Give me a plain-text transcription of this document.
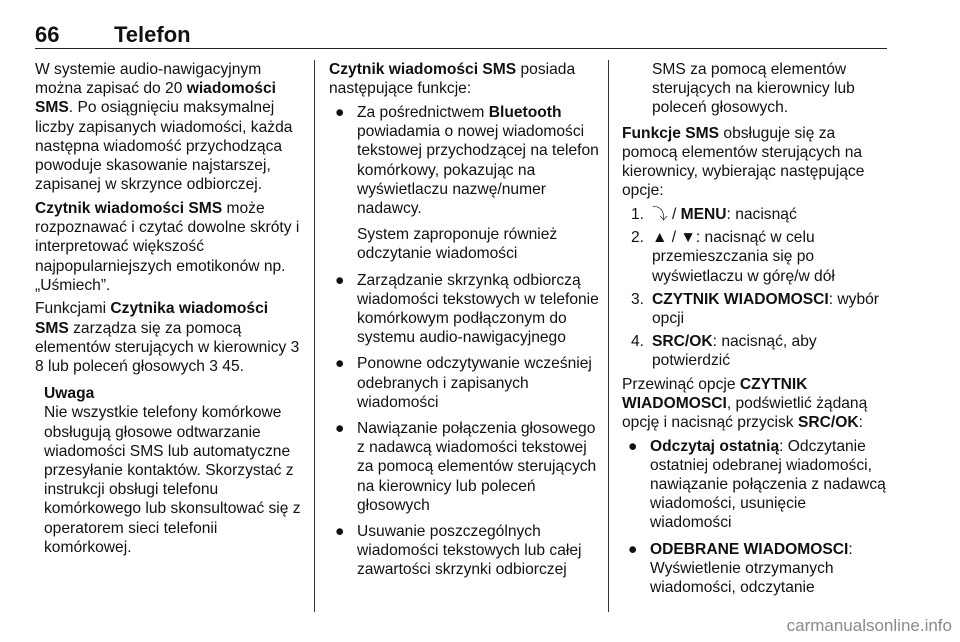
66 Telefon

W systemie audio-nawigacyjnym można zapisać do 20 wiadomości SMS. Po osiągnięciu maksymalnej liczby zapisanych wiadomości, każda następna wiadomość przychodząca powoduje skasowanie najstarszej, zapisanej w skrzynce odbiorczej.

Czytnik wiadomości SMS może rozpoznawać i czytać dowolne skróty i interpretować większość najpopularniejszych emotikonów np. „Uśmiech”.

Funkcjami Czytnika wiadomości SMS zarządza się za pomocą elementów sterujących w kierownicy 3 8 lub poleceń głosowych 3 45.

Uwaga

Nie wszystkie telefony komórkowe obsługują głosowe odtwarzanie wiadomości SMS lub automatyczne przesyłanie kontaktów. Skorzystać z instrukcji obsługi telefonu komórkowego lub skonsultować się z operatorem sieci telefonii komórkowej.

Czytnik wiadomości SMS posiada następujące funkcje:

● Za pośrednictwem Bluetooth powiadamia o nowej wiadomości tekstowej przychodzącej na telefon komórkowy, pokazując na wyświetlaczu nazwę/numer nadawcy.

System zaproponuje również odczytanie wiadomości

● Zarządzanie skrzynką odbiorczą wiadomości tekstowych w telefonie komórkowym podłączonym do systemu audio-nawigacyjnego
● Ponowne odczytywanie wcześniej odebranych i zapisanych wiadomości
● Nawiązanie połączenia głosowego z nadawcą wiadomości tekstowej za pomocą elementów sterujących na kierownicy lub poleceń głosowych
● Usuwanie poszczególnych wiadomości tekstowych lub całej zawartości skrzynki odbiorczej

SMS za pomocą elementów sterujących na kierownicy lub poleceń głosowych.

Funkcje SMS obsługuje się za pomocą elementów sterujących na kierownicy, wybierając następujące opcje:

1. ⤵ / MENU: nacisnąć
2. ▲ / ▼: nacisnąć w celu przemieszczania się po wyświetlaczu w górę/w dół
3. CZYTNIK WIADOMOSCI: wybór opcji
4. SRC/OK: nacisnąć, aby potwierdzić

Przewinąć opcje CZYTNIK WIADOMOSCI, podświetlić żądaną opcję i nacisnąć przycisk SRC/OK:

● Odczytaj ostatnią: Odczytanie ostatniej odebranej wiadomości, nawiązanie połączenia z nadawcą wiadomości, usunięcie wiadomości
● ODEBRANE WIADOMOSCI: Wyświetlenie otrzymanych wiadomości, odczytanie
carmanualsonline.info
